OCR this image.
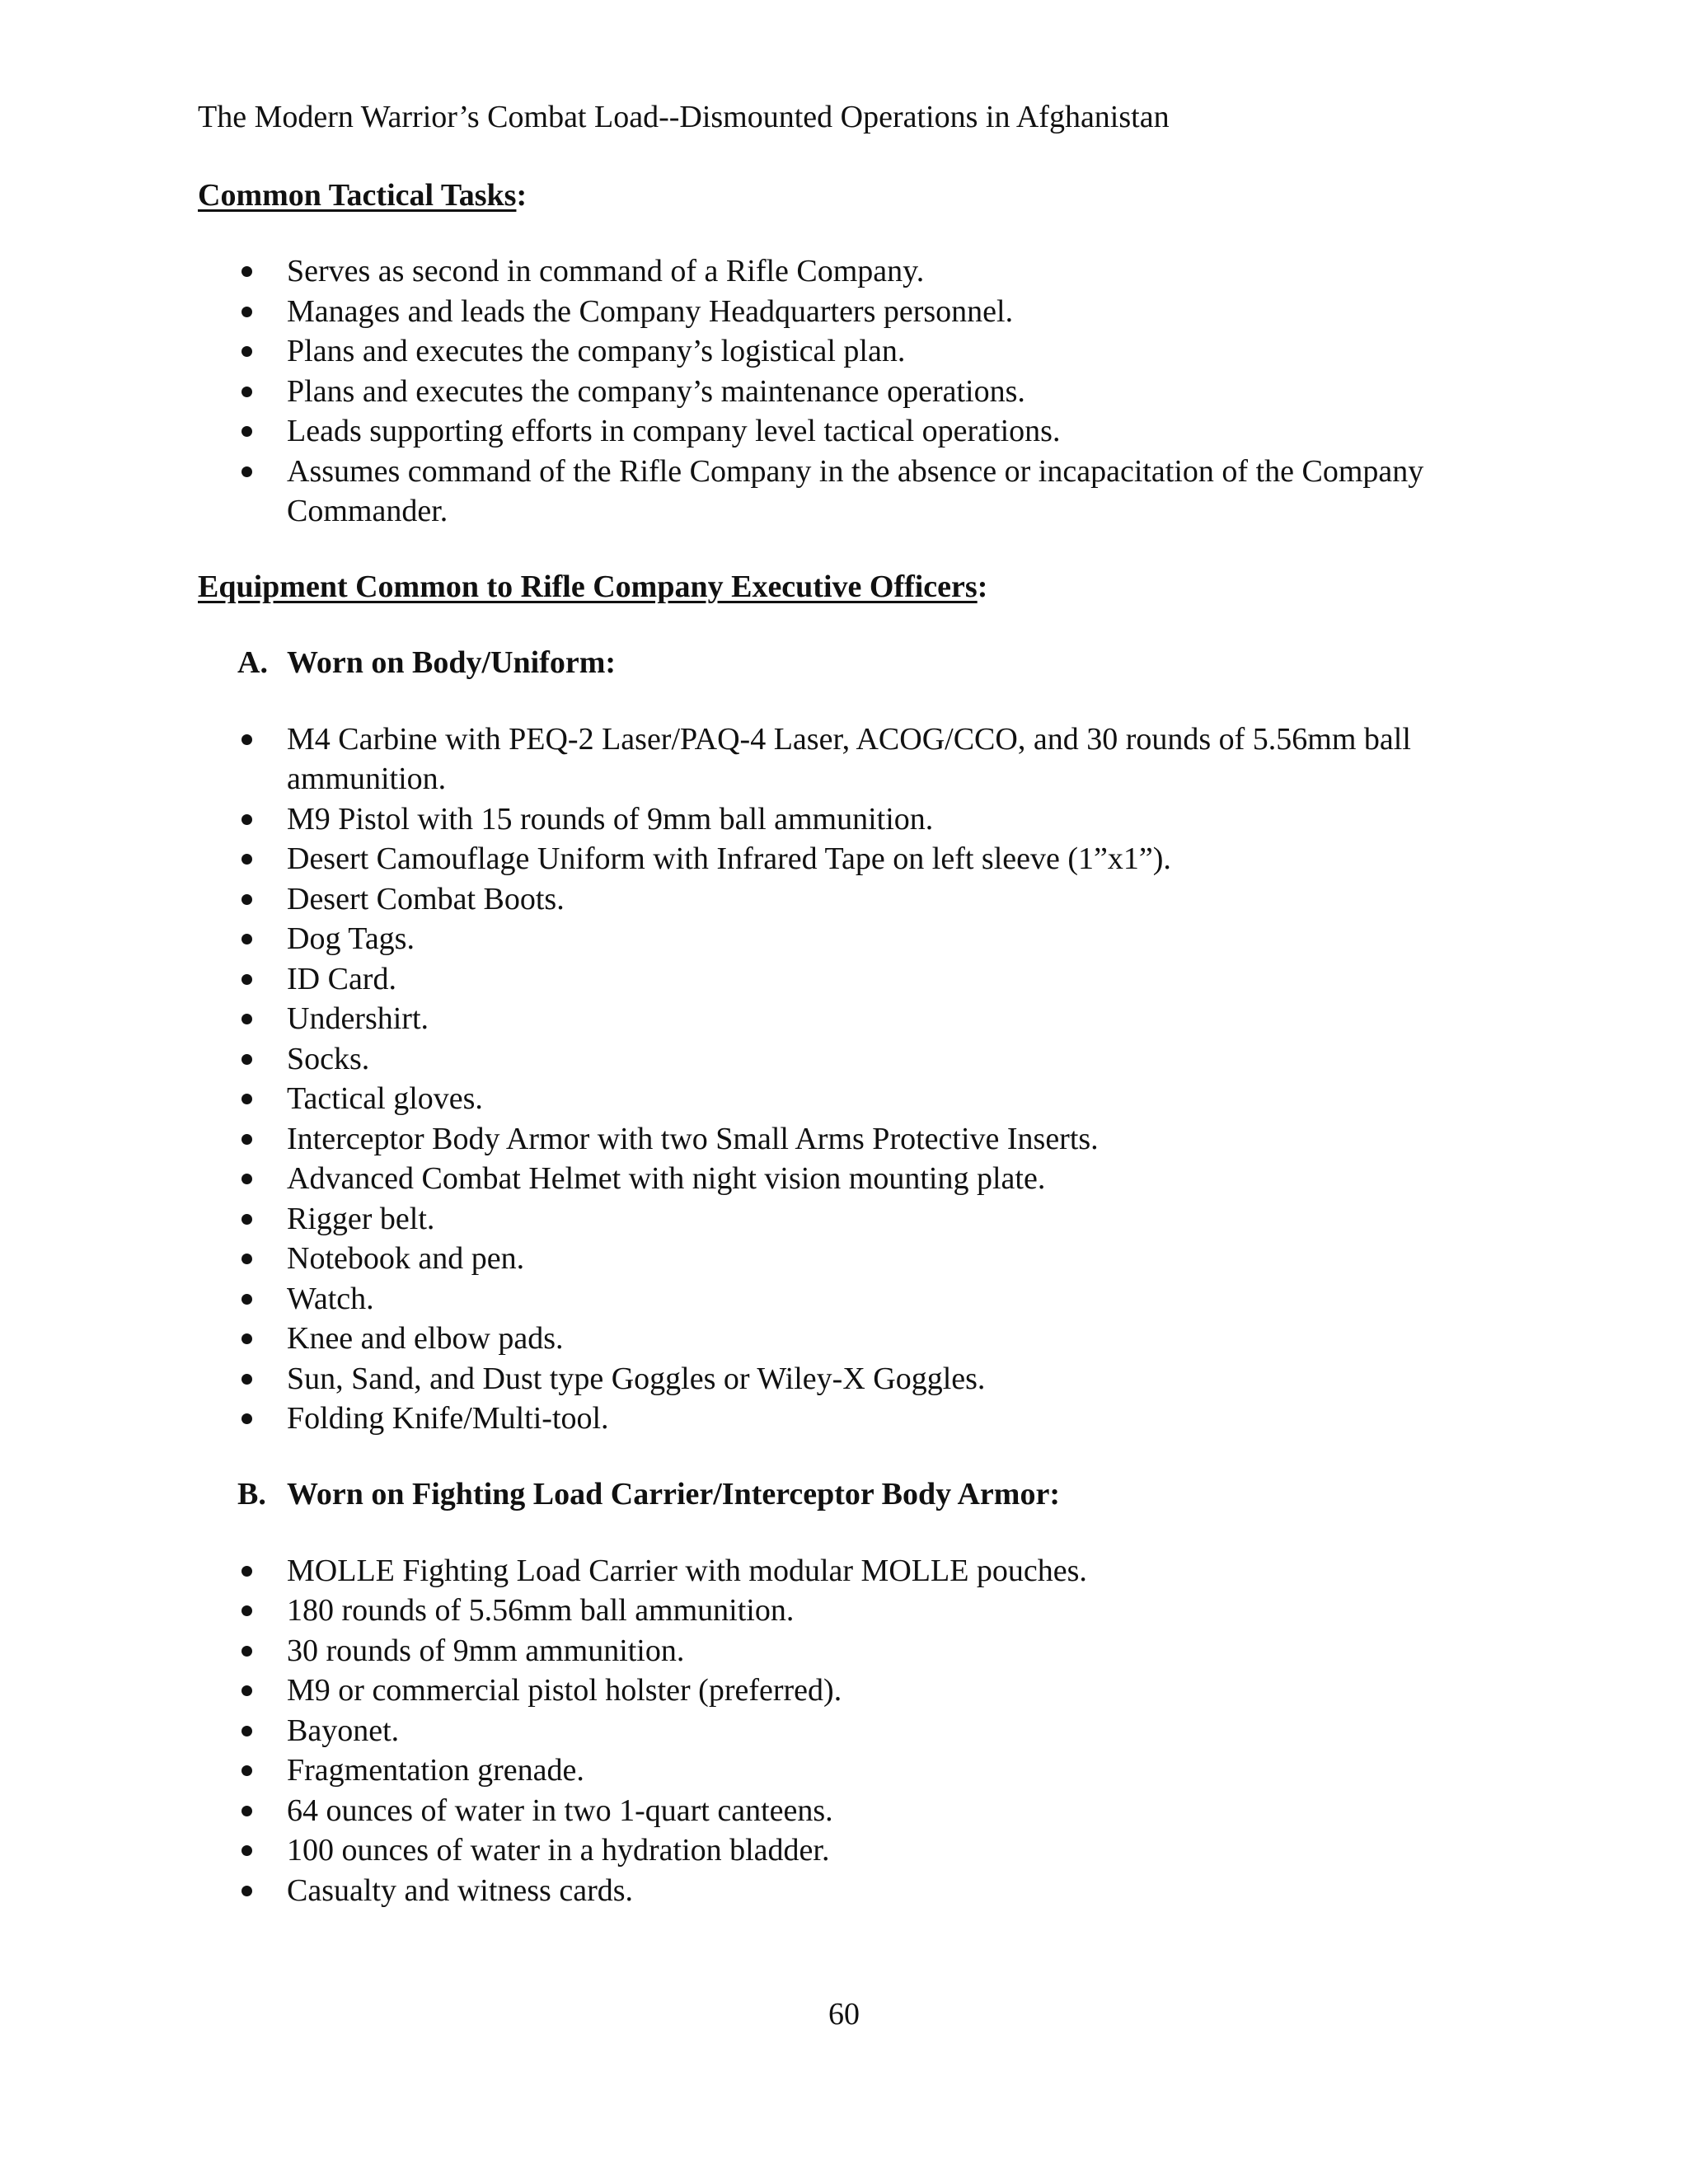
The Modern Warrior’s Combat Load--Dismounted Operations in Afghanistan

Common Tactical Tasks:

Serves as second in command of a Rifle Company.
Manages and leads the Company Headquarters personnel.
Plans and executes the company’s logistical plan.
Plans and executes the company’s maintenance operations.
Leads supporting efforts in company level tactical operations.
Assumes command of the Rifle Company in the absence or incapacitation of the Company Commander.

Equipment Common to Rifle Company Executive Officers:

A. Worn on Body/Uniform:

M4 Carbine with PEQ-2 Laser/PAQ-4 Laser, ACOG/CCO, and 30 rounds of 5.56mm ball ammunition.
M9 Pistol with 15 rounds of 9mm ball ammunition.
Desert Camouflage Uniform with Infrared Tape on left sleeve (1”x1”).
Desert Combat Boots.
Dog Tags.
ID Card.
Undershirt.
Socks.
Tactical gloves.
Interceptor Body Armor with two Small Arms Protective Inserts.
Advanced Combat Helmet with night vision mounting plate.
Rigger belt.
Notebook and pen.
Watch.
Knee and elbow pads.
Sun, Sand, and Dust type Goggles or Wiley-X Goggles.
Folding Knife/Multi-tool.

B. Worn on Fighting Load Carrier/Interceptor Body Armor:

MOLLE Fighting Load Carrier with modular MOLLE pouches.
180 rounds of 5.56mm ball ammunition.
30 rounds of 9mm ammunition.
M9 or commercial pistol holster (preferred).
Bayonet.
Fragmentation grenade.
64 ounces of water in two 1-quart canteens.
100 ounces of water in a hydration bladder.
Casualty and witness cards.
60
